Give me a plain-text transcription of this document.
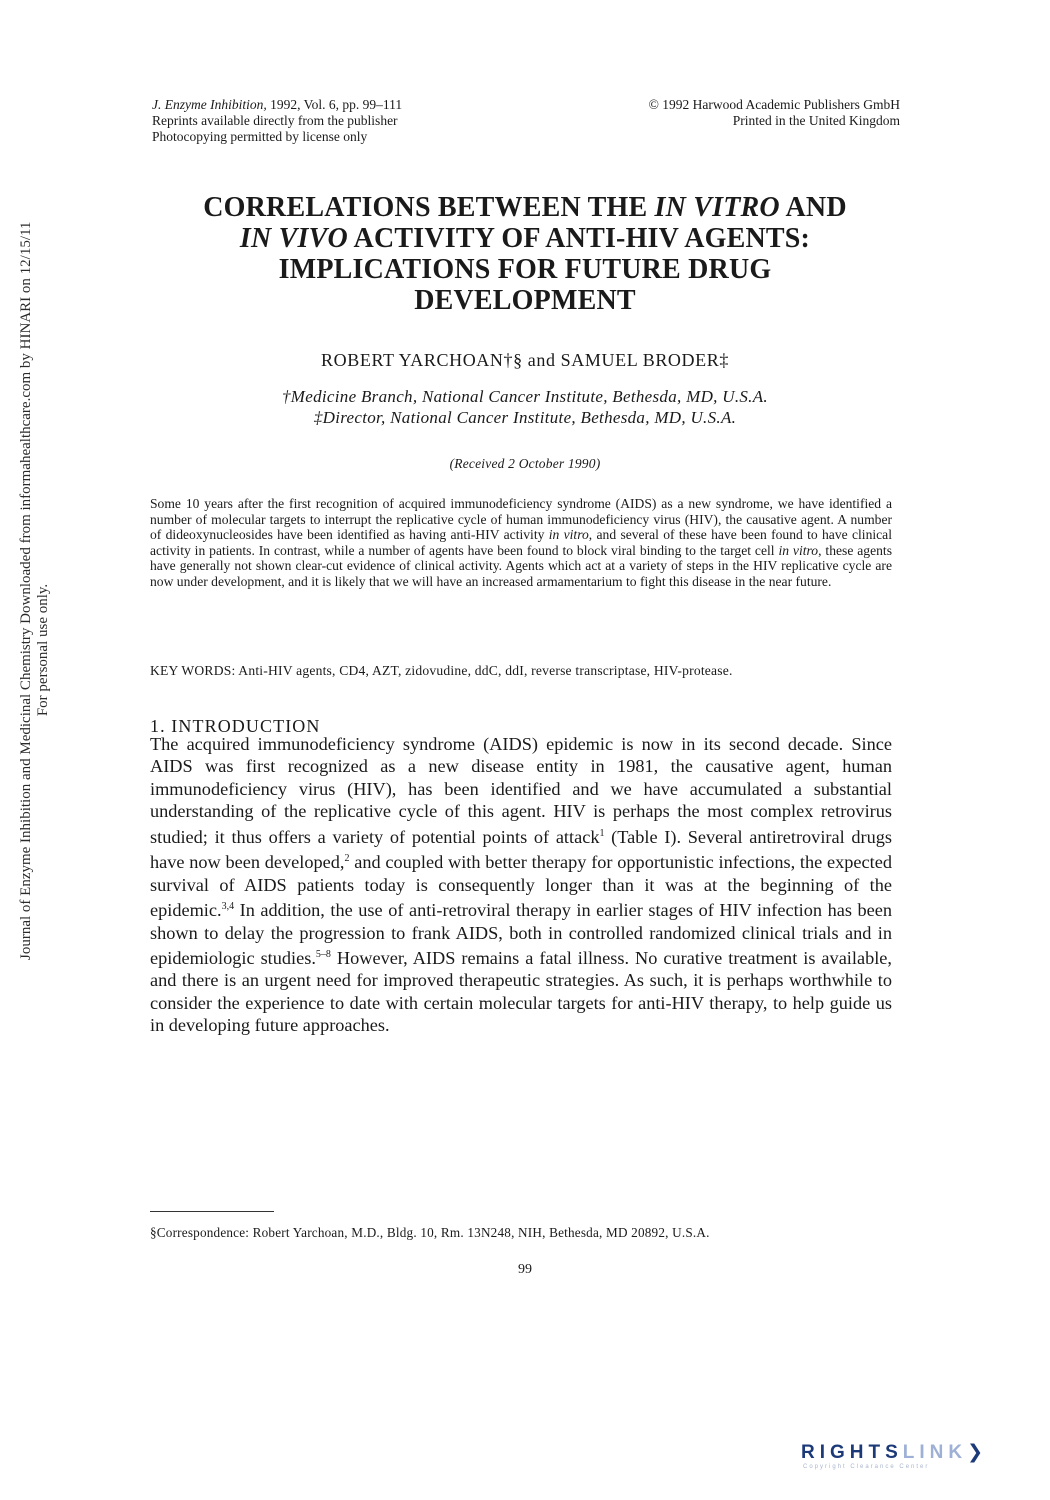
Journal of Enzyme Inhibition and Medicinal Chemistry Downloaded from informahealthcare.com by HINARI on 12/15/11 For personal use only.
J. Enzyme Inhibition, 1992, Vol. 6, pp. 99–111
Reprints available directly from the publisher
Photocopying permitted by license only
© 1992 Harwood Academic Publishers GmbH
Printed in the United Kingdom
CORRELATIONS BETWEEN THE IN VITRO AND
IN VIVO ACTIVITY OF ANTI-HIV AGENTS:
IMPLICATIONS FOR FUTURE DRUG
DEVELOPMENT
ROBERT YARCHOAN†§ and SAMUEL BRODER‡
†Medicine Branch, National Cancer Institute, Bethesda, MD, U.S.A.
‡Director, National Cancer Institute, Bethesda, MD, U.S.A.
(Received 2 October 1990)
Some 10 years after the first recognition of acquired immunodeficiency syndrome (AIDS) as a new syndrome, we have identified a number of molecular targets to interrupt the replicative cycle of human immunodeficiency virus (HIV), the causative agent. A number of dideoxynucleosides have been identified as having anti-HIV activity in vitro, and several of these have been found to have clinical activity in patients. In contrast, while a number of agents have been found to block viral binding to the target cell in vitro, these agents have generally not shown clear-cut evidence of clinical activity. Agents which act at a variety of steps in the HIV replicative cycle are now under development, and it is likely that we will have an increased armamentarium to fight this disease in the near future.
KEY WORDS: Anti-HIV agents, CD4, AZT, zidovudine, ddC, ddI, reverse transcriptase, HIV-protease.
1. INTRODUCTION

The acquired immunodeficiency syndrome (AIDS) epidemic is now in its second decade. Since AIDS was first recognized as a new disease entity in 1981, the causative agent, human immunodeficiency virus (HIV), has been identified and we have accumulated a substantial understanding of the replicative cycle of this agent. HIV is perhaps the most complex retrovirus studied; it thus offers a variety of potential points of attack$^1$ (Table I). Several antiretroviral drugs have now been developed,$^2$ and coupled with better therapy for opportunistic infections, the expected survival of AIDS patients today is consequently longer than it was at the beginning of the epidemic.$^{3,4}$ In addition, the use of anti-retroviral therapy in earlier stages of HIV infection has been shown to delay the progression to frank AIDS, both in controlled randomized clinical trials and in epidemiologic studies.$^{5-8}$ However, AIDS remains a fatal illness. No curative treatment is available, and there is an urgent need for improved therapeutic strategies. As such, it is perhaps worthwhile to consider the experience to date with certain molecular targets for anti-HIV therapy, to help guide us in developing future approaches.

§Correspondence: Robert Yarchoan, M.D., Bldg. 10, Rm. 13N248, NIH, Bethesda, MD 20892, U.S.A.
99
RIGHTSLINK❯
Copyright Clearance Center
